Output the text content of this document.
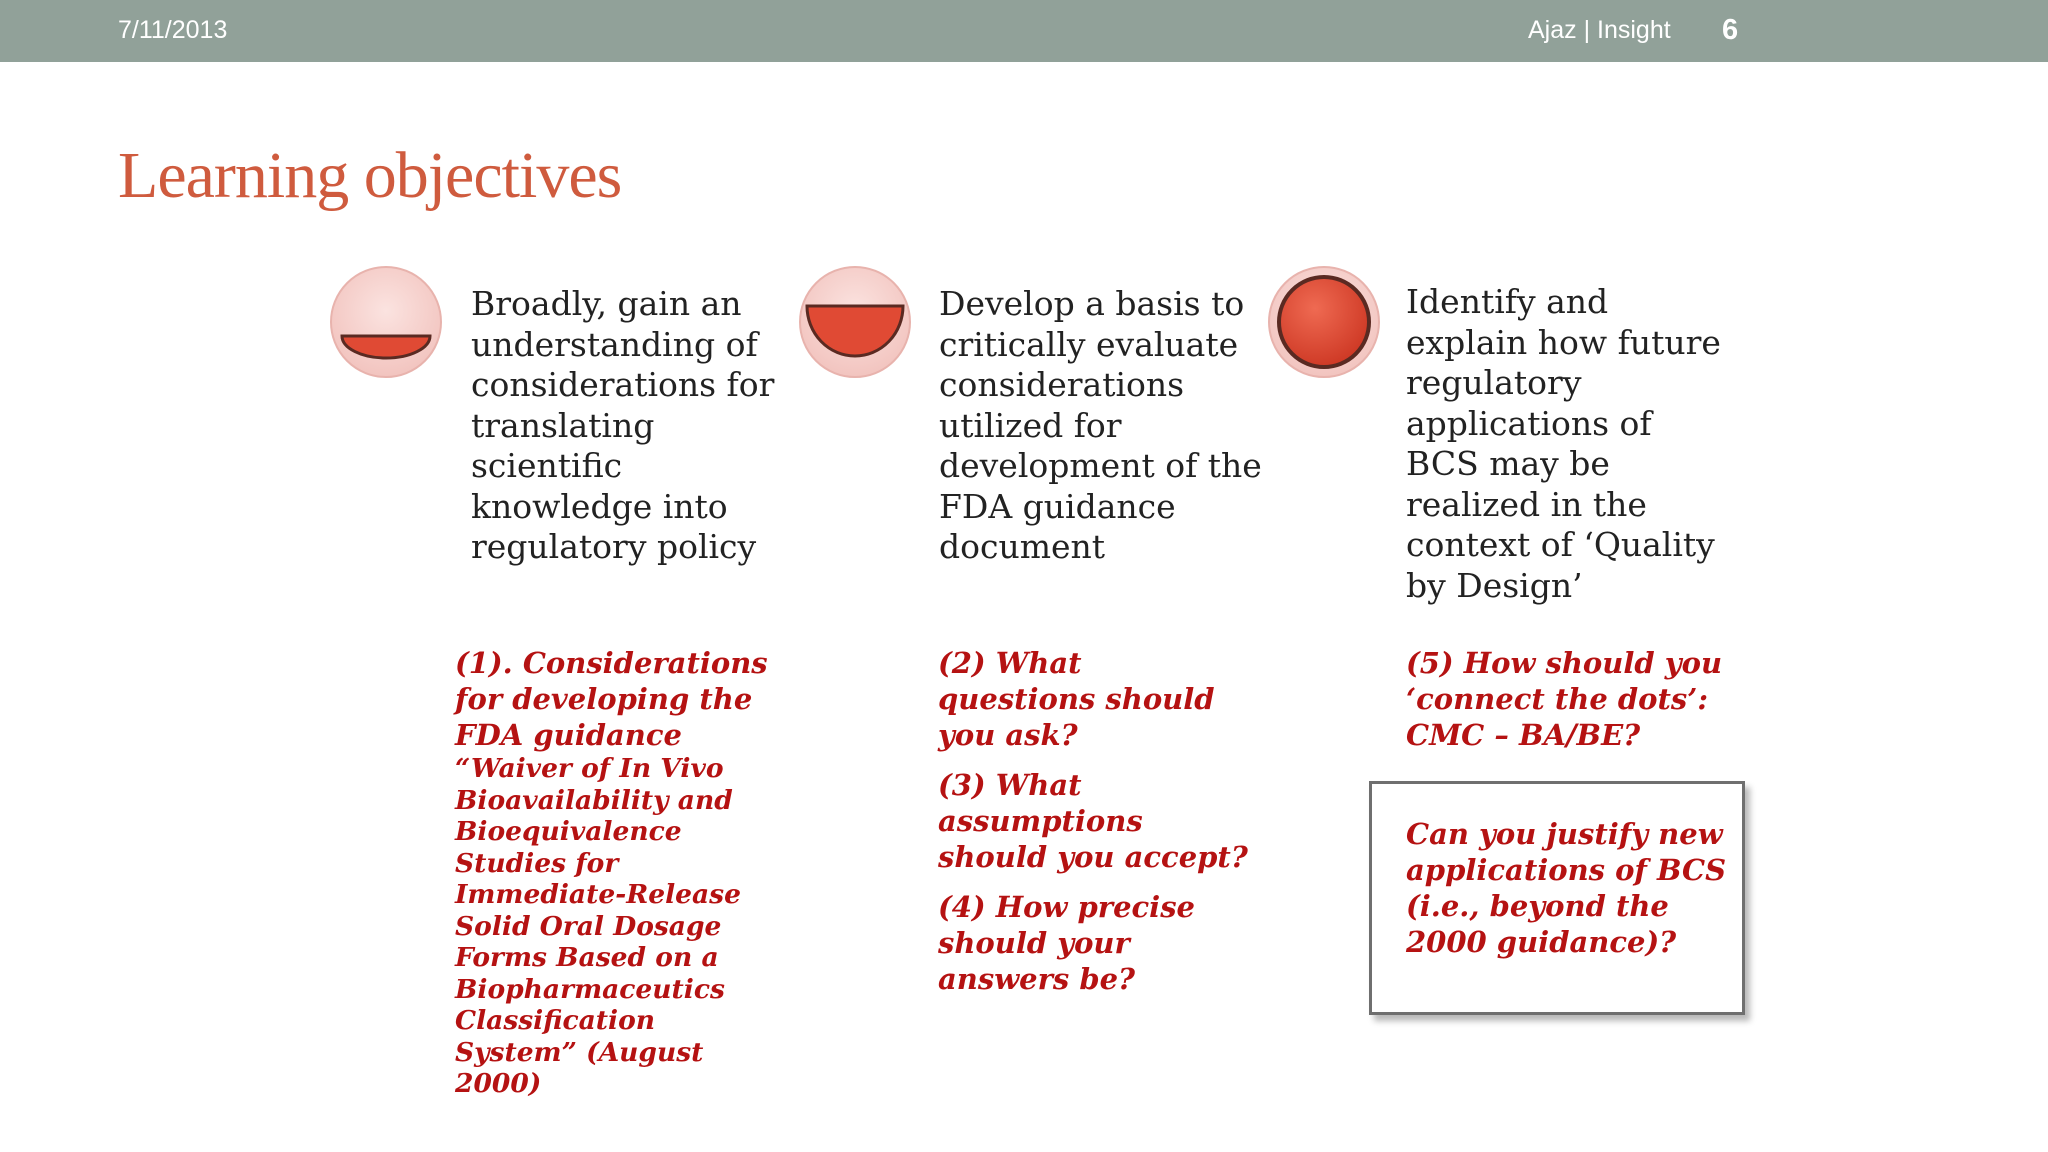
7/11/2013	Ajaz | Insight 6
Learning objectives
Broadly, gain an understanding of considerations for translating scientific knowledge into regulatory policy
Develop a basis to critically evaluate considerations utilized for development of the FDA guidance document
Identify and explain how future regulatory applications of BCS may be realized in the context of ‘Quality by Design’
(1). Considerations for developing the FDA guidance
“Waiver of In Vivo Bioavailability and Bioequivalence Studies for Immediate-Release Solid Oral Dosage Forms Based on a Biopharmaceutics Classification System” (August 2000)
(2) What questions should you ask?
(3) What assumptions should you accept?
(4) How precise should your answers be?
(5) How should you ‘connect the dots’: CMC – BA/BE?
Can you justify new applications of BCS (i.e., beyond the 2000 guidance)?
